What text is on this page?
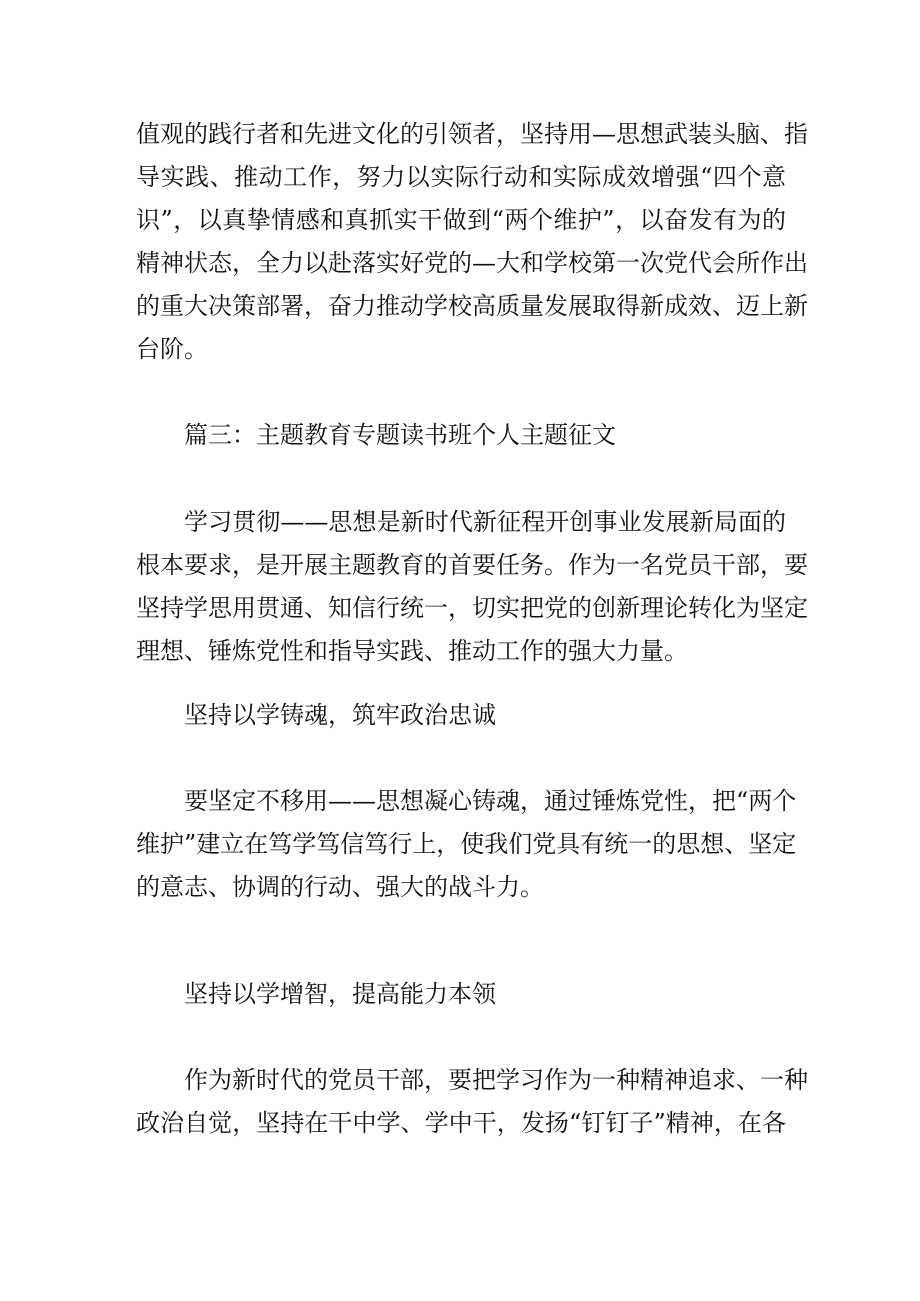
值观的践行者和先进文化的引领者，坚持用—思想武装头脑、指
导实践、推动工作，努力以实际行动和实际成效增强“四个意
识”，以真挚情感和真抓实干做到“两个维护”，以奋发有为的
精神状态，全力以赴落实好党的—大和学校第一次党代会所作出
的重大决策部署，奋力推动学校高质量发展取得新成效、迈上新
台阶。
篇三：主题教育专题读书班个人主题征文
学习贯彻——思想是新时代新征程开创事业发展新局面的
根本要求，是开展主题教育的首要任务。作为一名党员干部，要
坚持学思用贯通、知信行统一，切实把党的创新理论转化为坚定
理想、锤炼党性和指导实践、推动工作的强大力量。
坚持以学铸魂，筑牢政治忠诚
要坚定不移用——思想凝心铸魂，通过锤炼党性，把“两个
维护”建立在笃学笃信笃行上，使我们党具有统一的思想、坚定
的意志、协调的行动、强大的战斗力。
坚持以学增智，提高能力本领
作为新时代的党员干部，要把学习作为一种精神追求、一种
政治自觉，坚持在干中学、学中干，发扬“钉钉子”精神，在各
